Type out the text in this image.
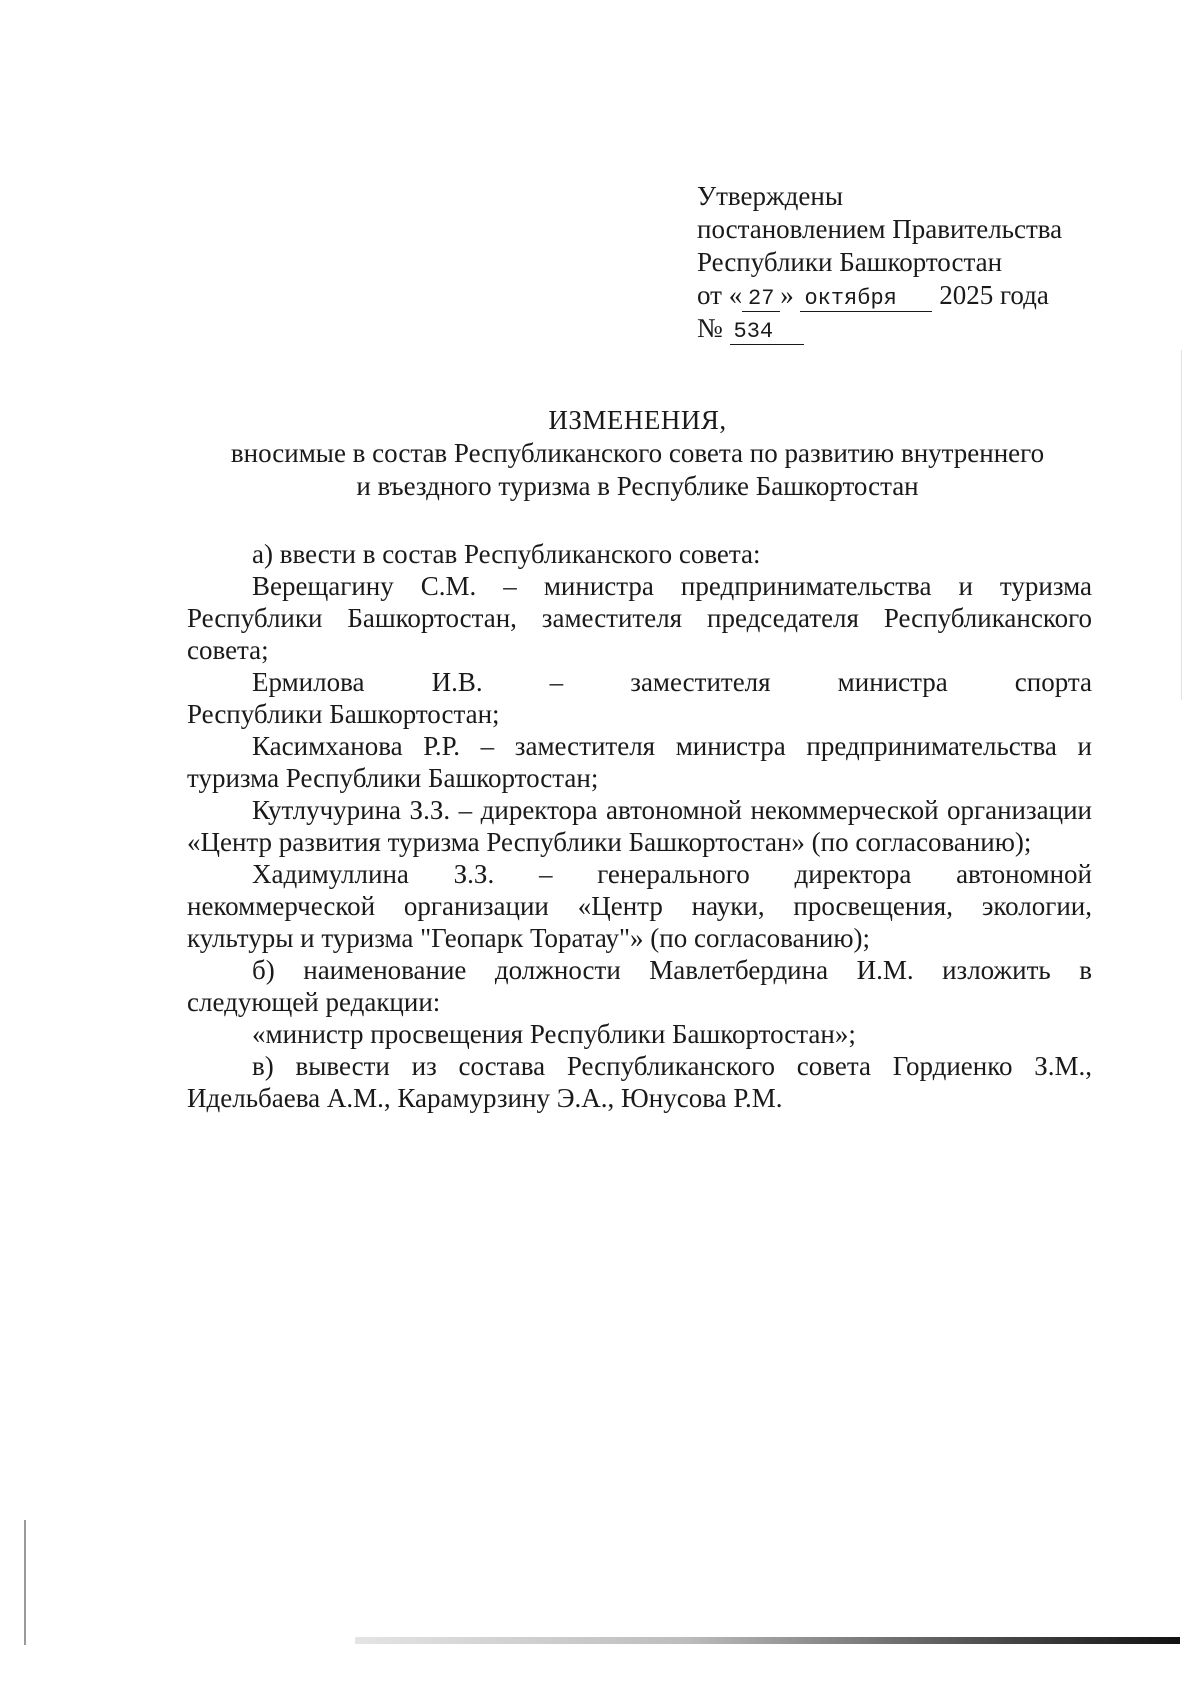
Утверждены
постановлением Правительства
Республики Башкортостан
от « 27 » октября 2025 года
№ 534
ИЗМЕНЕНИЯ,
вносимые в состав Республиканского совета по развитию внутреннего
и въездного туризма в Республике Башкортостан

а) ввести в состав Республиканского совета:

Верещагину С.М. – министра предпринимательства и туризма Республики Башкортостан, заместителя председателя Республиканского совета;

Ермилова И.В. – заместителя министра спорта

Республики Башкортостан;

Касимханова Р.Р. – заместителя министра предпринимательства и туризма Республики Башкортостан;

Кутлучурина З.З. – директора автономной некоммерческой организации «Центр развития туризма Республики Башкортостан» (по согласованию);

Хадимуллина З.З. – генерального директора автономной некоммерческой организации «Центр науки, просвещения, экологии, культуры и туризма "Геопарк Торатау"» (по согласованию);

б) наименование должности Мавлетбердина И.М. изложить в следующей редакции:

«министр просвещения Республики Башкортостан»;

в) вывести из состава Республиканского совета Гордиенко З.М., Идельбаева А.М., Карамурзину Э.А., Юнусова Р.М.
